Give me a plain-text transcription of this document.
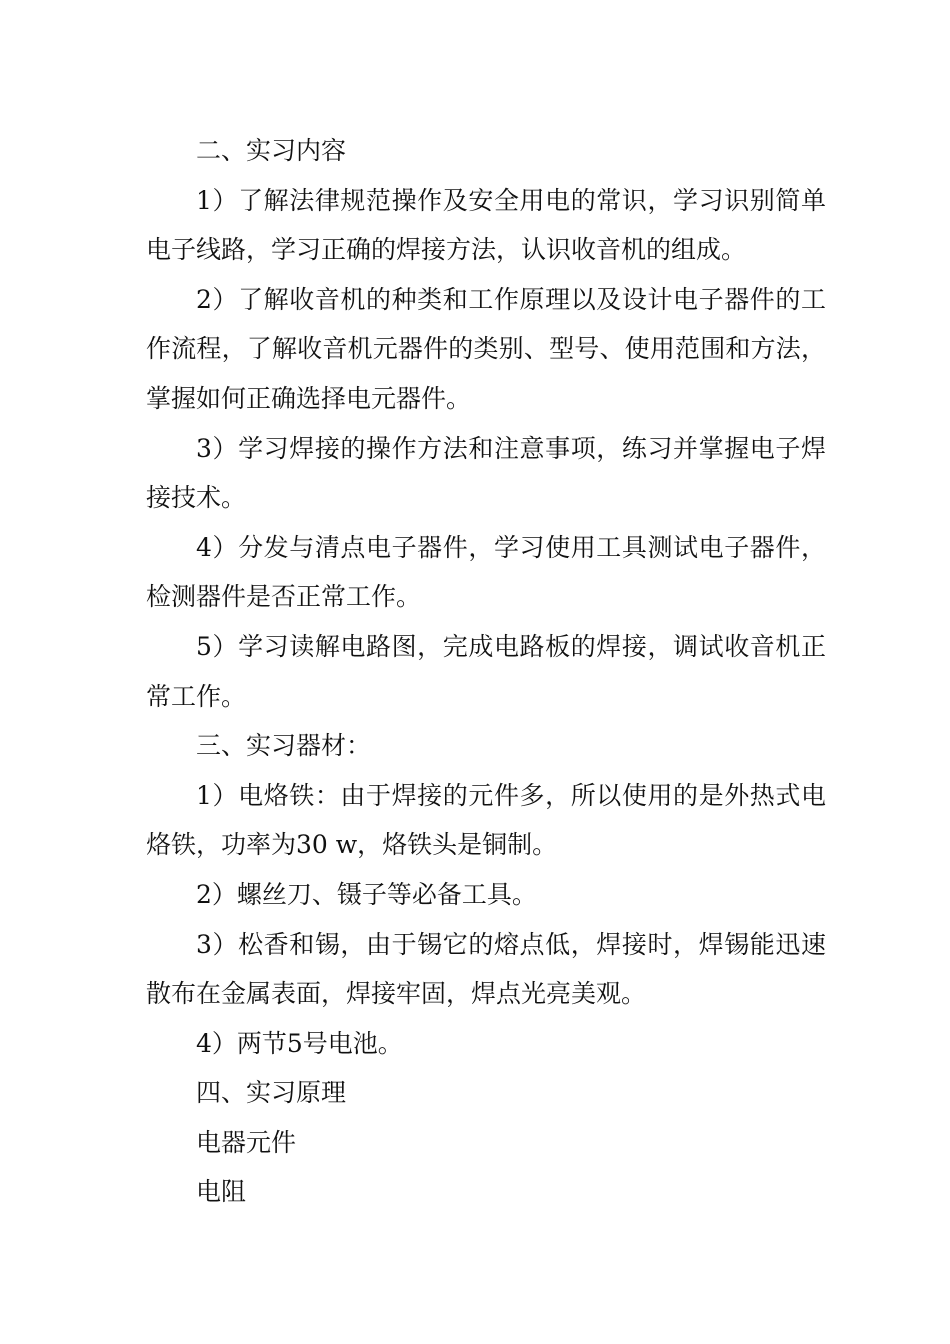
二、实习内容

1）了解法律规范操作及安全用电的常识，学习识别简单电子线路，学习正确的焊接方法，认识收音机的组成。

2）了解收音机的种类和工作原理以及设计电子器件的工作流程，了解收音机元器件的类别、型号、使用范围和方法，掌握如何正确选择电元器件。

3）学习焊接的操作方法和注意事项，练习并掌握电子焊接技术。

4）分发与清点电子器件，学习使用工具测试电子器件，检测器件是否正常工作。

5）学习读解电路图，完成电路板的焊接，调试收音机正常工作。

三、实习器材：

1）电烙铁：由于焊接的元件多，所以使用的是外热式电烙铁，功率为30 w，烙铁头是铜制。

2）螺丝刀、镊子等必备工具。

3）松香和锡，由于锡它的熔点低，焊接时，焊锡能迅速散布在金属表面，焊接牢固，焊点光亮美观。

4）两节5号电池。

四、实习原理

电器元件

电阻
